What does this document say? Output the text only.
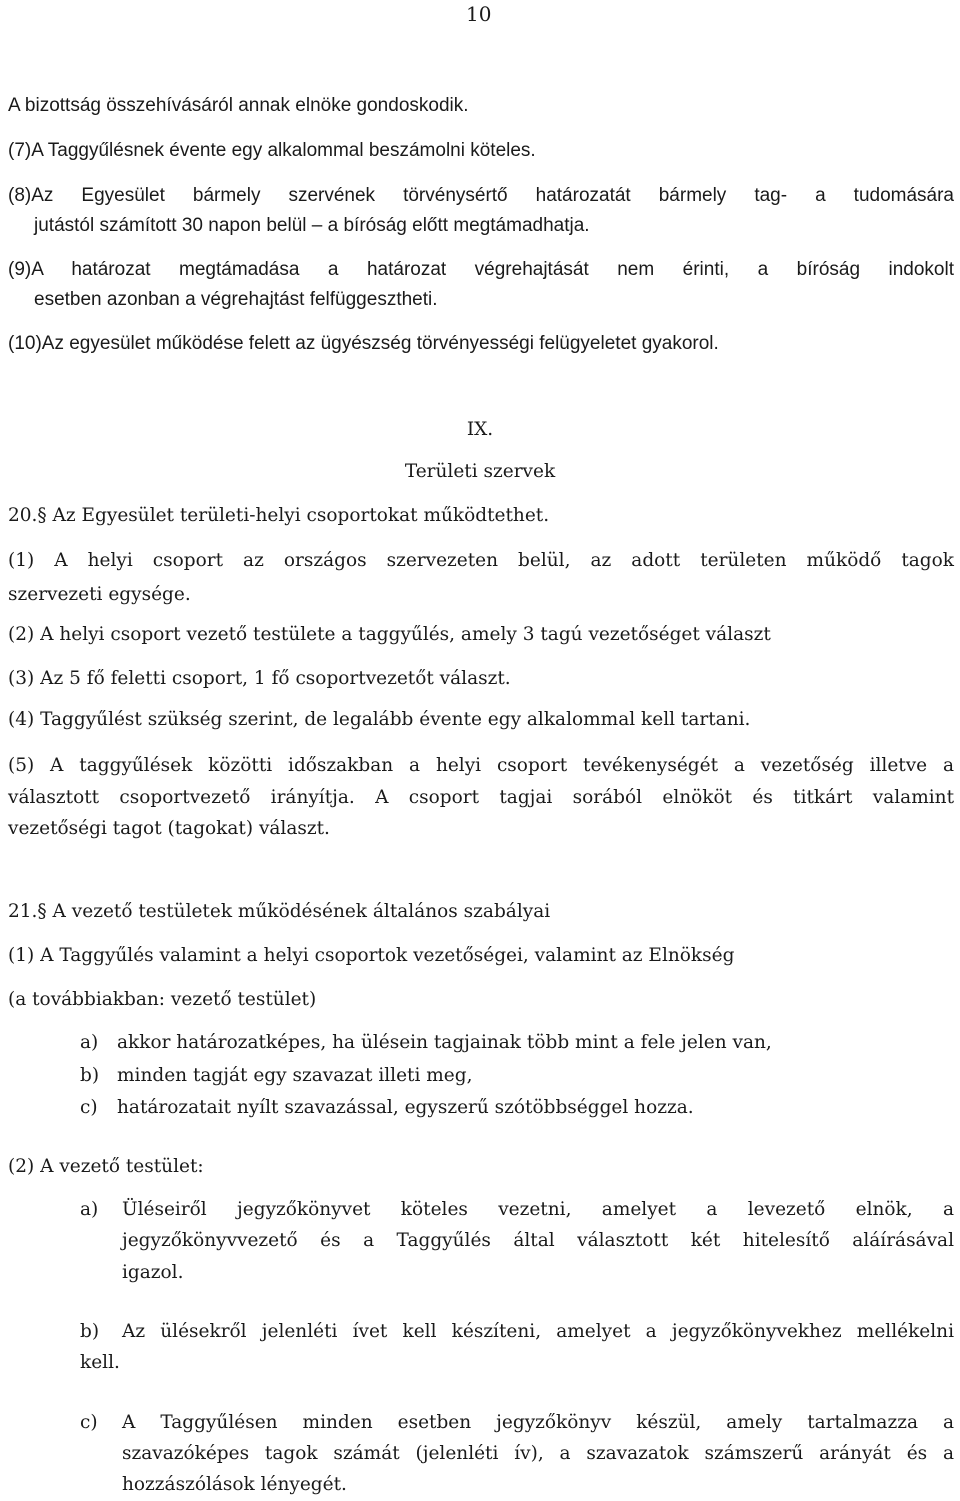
10
A bizottság összehívásáról annak elnöke gondoskodik.
(7)A Taggyűlésnek évente egy alkalommal beszámolni köteles.
(8)Az Egyesület bármely szervének törvénysértő határozatát bármely tag- a tudomására
jutástól számított 30 napon belül – a bíróság előtt megtámadhatja.
(9)A határozat megtámadása a határozat végrehajtását nem érinti, a bíróság indokolt
esetben azonban a végrehajtást felfüggesztheti.
(10)Az egyesület működése felett az ügyészség törvényességi felügyeletet gyakorol.
IX.
Területi szervek
20.§ Az Egyesület területi-helyi csoportokat működtethet.
(1) A helyi csoport az országos szervezeten belül, az adott területen működő tagok
szervezeti egysége.
(2) A helyi csoport vezető testülete a taggyűlés, amely 3 tagú vezetőséget választ
(3) Az 5 fő feletti csoport, 1 fő csoportvezetőt választ.
(4) Taggyűlést szükség szerint, de legalább évente egy alkalommal kell tartani.
(5) A taggyűlések közötti időszakban a helyi csoport tevékenységét a vezetőség illetve a
választott csoportvezető irányítja. A csoport tagjai sorából elnököt és titkárt valamint
vezetőségi tagot (tagokat) választ.
21.§ A vezető testületek működésének általános szabályai
(1) A Taggyűlés valamint a helyi csoportok vezetőségei, valamint az Elnökség
(a továbbiakban: vezető testület)
a) akkor határozatképes, ha ülésein tagjainak több mint a fele jelen van,
b) minden tagját egy szavazat illeti meg,
c) határozatait nyílt szavazással, egyszerű szótöbbséggel hozza.
(2) A vezető testület:
a) Üléseiről jegyzőkönyvet köteles vezetni, amelyet a levezető elnök, a
jegyzőkönyvvezető és a Taggyűlés által választott két hitelesítő aláírásával
igazol.
b) Az ülésekről jelenléti ívet kell készíteni, amelyet a jegyzőkönyvekhez mellékelni
kell.
c) A Taggyűlésen minden esetben jegyzőkönyv készül, amely tartalmazza a
szavazóképes tagok számát (jelenléti ív), a szavazatok számszerű arányát és a
hozzászólások lényegét.
